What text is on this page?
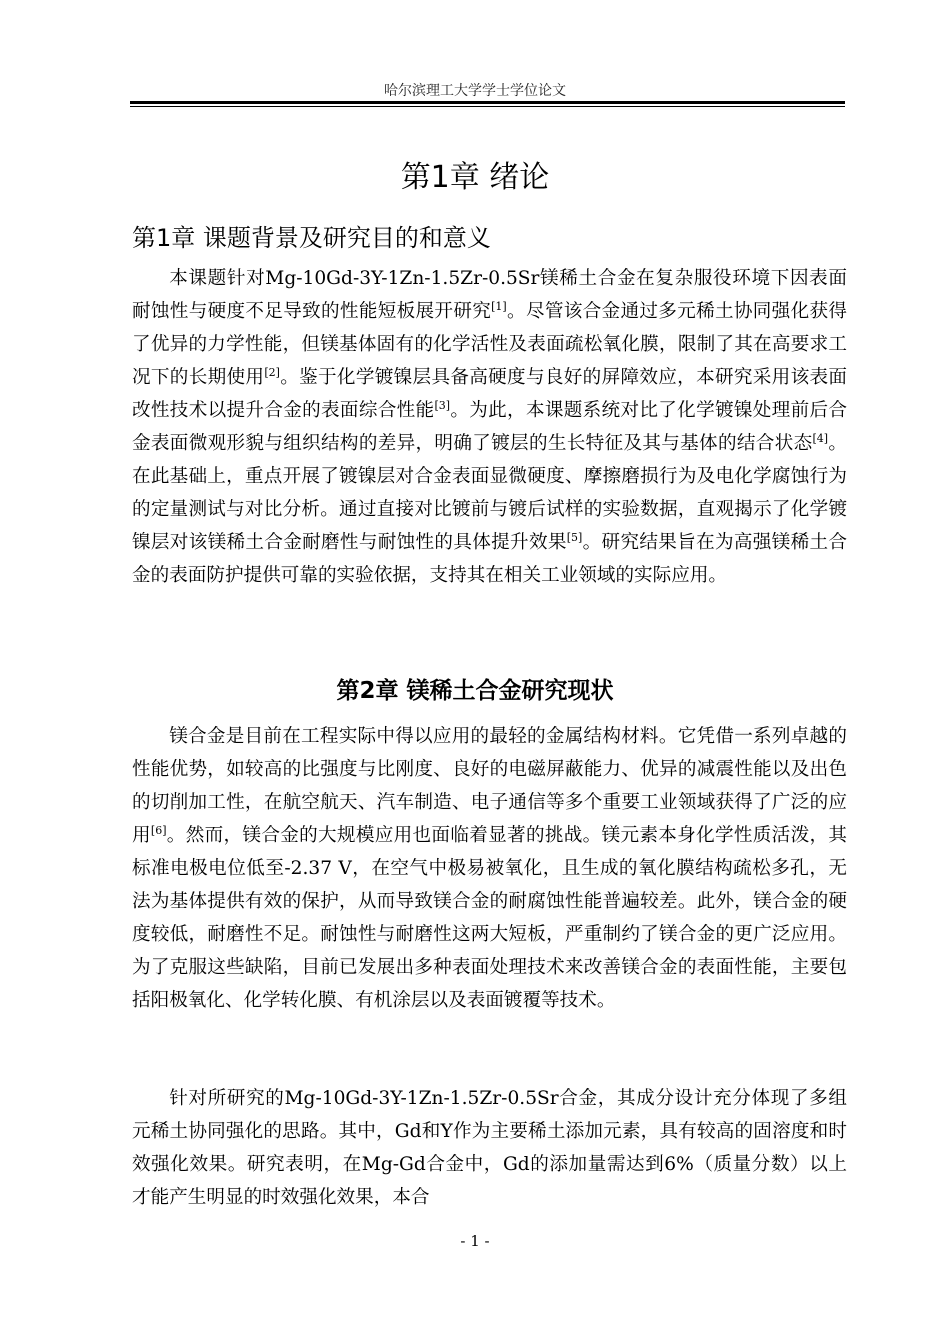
哈尔滨理工大学学士学位论文
第1章 绪论
第1章 课题背景及研究目的和意义

本课题针对Mg-10Gd-3Y-1Zn-1.5Zr-0.5Sr镁稀土合金在复杂服役环境下因表面耐蚀性与硬度不足导致的性能短板展开研究[1]。尽管该合金通过多元稀土协同强化获得了优异的力学性能，但镁基体固有的化学活性及表面疏松氧化膜，限制了其在高要求工况下的长期使用[2]。鉴于化学镀镍层具备高硬度与良好的屏障效应，本研究采用该表面改性技术以提升合金的表面综合性能[3]。为此，本课题系统对比了化学镀镍处理前后合金表面微观形貌与组织结构的差异，明确了镀层的生长特征及其与基体的结合状态[4]。在此基础上，重点开展了镀镍层对合金表面显微硬度、摩擦磨损行为及电化学腐蚀行为的定量测试与对比分析。通过直接对比镀前与镀后试样的实验数据，直观揭示了化学镀镍层对该镁稀土合金耐磨性与耐蚀性的具体提升效果[5]。研究结果旨在为高强镁稀土合金的表面防护提供可靠的实验依据，支持其在相关工业领域的实际应用。

第2章 镁稀土合金研究现状

镁合金是目前在工程实际中得以应用的最轻的金属结构材料。它凭借一系列卓越的性能优势，如较高的比强度与比刚度、良好的电磁屏蔽能力、优异的减震性能以及出色的切削加工性，在航空航天、汽车制造、电子通信等多个重要工业领域获得了广泛的应用[6]。然而，镁合金的大规模应用也面临着显著的挑战。镁元素本身化学性质活泼，其标准电极电位低至-2.37 V，在空气中极易被氧化，且生成的氧化膜结构疏松多孔，无法为基体提供有效的保护，从而导致镁合金的耐腐蚀性能普遍较差。此外，镁合金的硬度较低，耐磨性不足。耐蚀性与耐磨性这两大短板，严重制约了镁合金的更广泛应用。为了克服这些缺陷，目前已发展出多种表面处理技术来改善镁合金的表面性能，主要包括阳极氧化、化学转化膜、有机涂层以及表面镀覆等技术。

针对所研究的Mg-10Gd-3Y-1Zn-1.5Zr-0.5Sr合金，其成分设计充分体现了多组元稀土协同强化的思路。其中，Gd和Y作为主要稀土添加元素，具有较高的固溶度和时效强化效果。研究表明，在Mg-Gd合金中，Gd的添加量需达到6%（质量分数）以上才能产生明显的时效强化效果，本合

- 1 -
